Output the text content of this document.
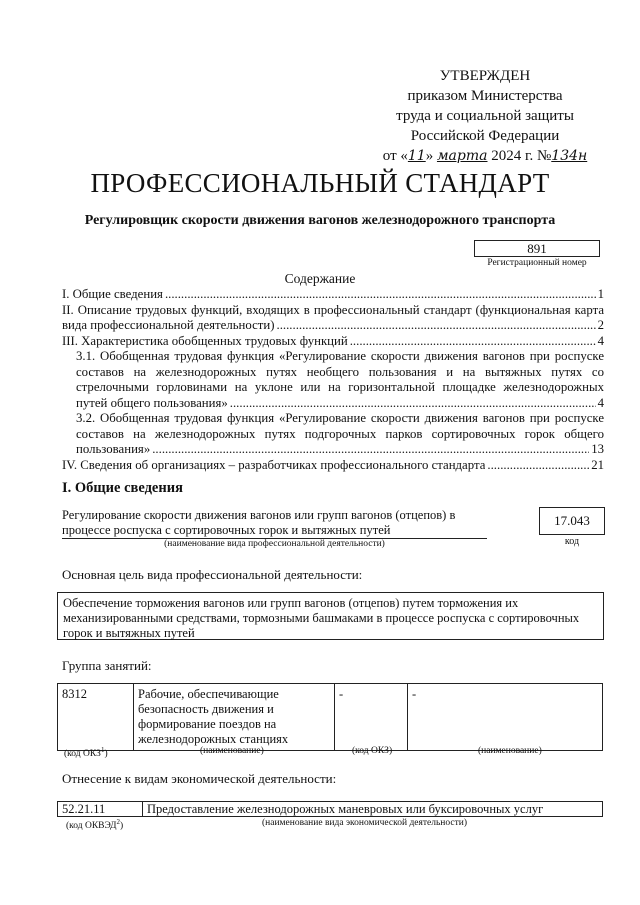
УТВЕРЖДЕН
приказом Министерства
труда и социальной защиты
Российской Федерации
от «11» марта 2024 г. №134н
ПРОФЕССИОНАЛЬНЫЙ СТАНДАРТ
Регулировщик скорости движения вагонов железнодорожного транспорта
891
Регистрационный номер
Содержание
I. Общие сведения .....	1
II. Описание трудовых функций, входящих в профессиональный стандарт (функциональная карта
вида профессиональной деятельности) .....	2
III. Характеристика обобщенных трудовых функций .....	4
3.1. Обобщенная трудовая функция «Регулирование скорости движения вагонов при роспуске
составов на железнодорожных путях необщего пользования и на вытяжных путях со
стрелочными горловинами на уклоне или на горизонтальной площадке железнодорожных
путей общего пользования» .....	4
3.2. Обобщенная трудовая функция «Регулирование скорости движения вагонов при роспуске
составов на железнодорожных путях подгорочных парков сортировочных горок общего
пользования» .....	13
IV. Сведения об организациях – разработчиках профессионального стандарта .....	21
I. Общие сведения
Регулирование скорости движения вагонов или групп вагонов (отцепов) в
процессе роспуска с сортировочных горок и вытяжных путей
(наименование вида профессиональной деятельности)
17.043
код
Основная цель вида профессиональной деятельности:
Обеспечение торможения вагонов или групп вагонов (отцепов) путем торможения их
механизированными средствами, тормозными башмаками в процессе роспуска с сортировочных
горок и вытяжных путей
Группа занятий:
8312	Рабочие, обеспечивающие
безопасность движения и
формирование поездов на
железнодорожных станциях
	-	-
(код ОКЗ$^1$)	(наименование)	(код ОКЗ)	(наименование)
Отнесение к видам экономической деятельности:
52.21.11	Предоставление железнодорожных маневровых или буксировочных услуг
(код ОКВЭД$^2$)	(наименование вида экономической деятельности)
